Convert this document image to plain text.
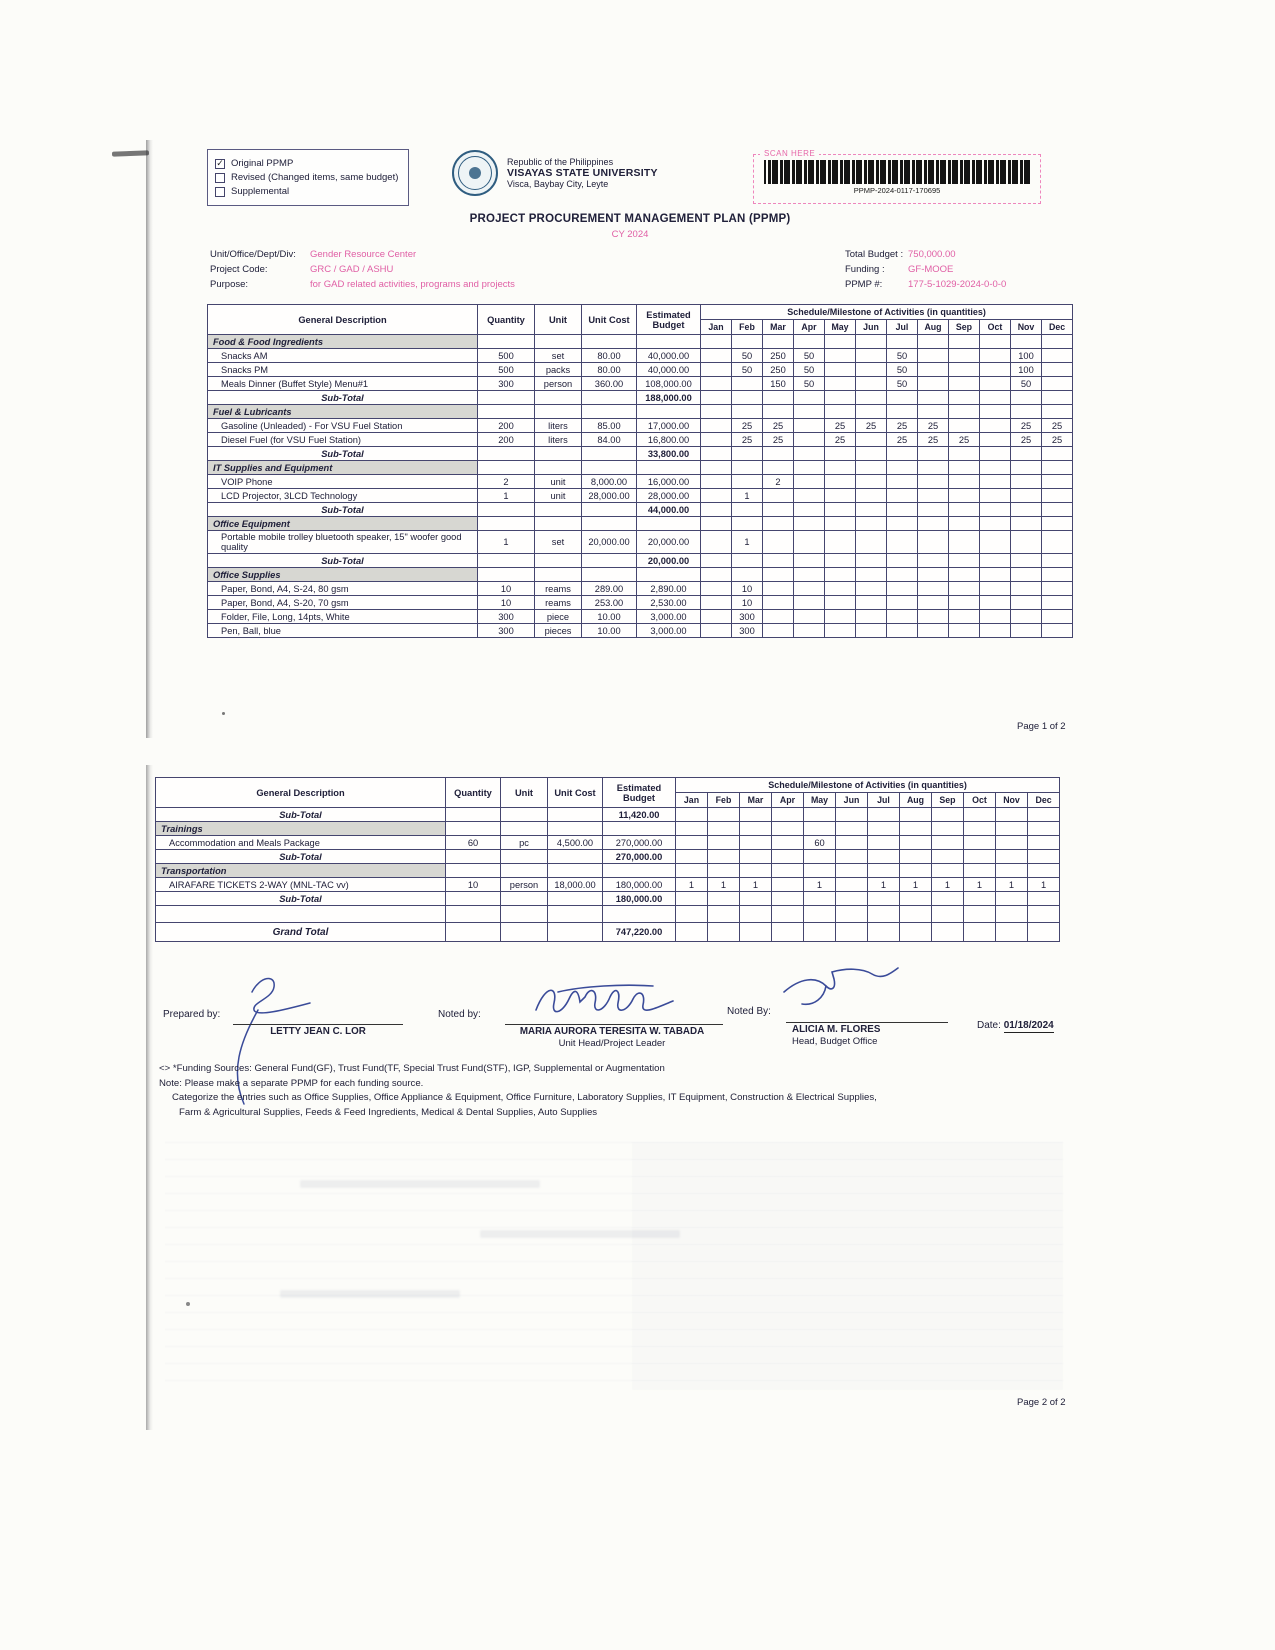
✓ Original PPMP
Revised (Changed items, same budget)
Supplemental
Republic of the Philippines
VISAYAS STATE UNIVERSITY
Visca, Baybay City, Leyte
SCAN HERE
PPMP-2024-0117-170695
PROJECT PROCUREMENT MANAGEMENT PLAN (PPMP)
CY 2024
Unit/Office/Dept/Div: Gender Resource Center
Project Code:	GRC / GAD / ASHU
Purpose:	for GAD related activities, programs and projects
Total Budget : 750,000.00
Funding : GF-MOOE
PPMP #:	177-5-1029-2024-0-0-0
General Description	Quantity	Unit	Unit Cost	Estimated Budget	Schedule/Milestone of Activities (in quantities)											
					Jan	Feb	Mar	Apr	May	Jun	Jul	Aug	Sep	Oct	Nov	Dec
Food & Food Ingredients																
Snacks AM	500	set	80.00	40,000.00		50	250	50			50				100	
Snacks PM	500	packs	80.00	40,000.00		50	250	50			50				100	
Meals Dinner (Buffet Style) Menu#1	300	person	360.00	108,000.00			150	50			50				50	
Sub-Total				188,000.00												
Fuel & Lubricants																
Gasoline (Unleaded) - For VSU Fuel Station	200	liters	85.00	17,000.00		25	25		25	25	25	25			25	25
Diesel Fuel (for VSU Fuel Station)	200	liters	84.00	16,800.00		25	25		25		25	25	25		25	25
Sub-Total				33,800.00												
IT Supplies and Equipment																
VOIP Phone	2	unit	8,000.00	16,000.00			2									
LCD Projector, 3LCD Technology	1	unit	28,000.00	28,000.00		1										
Sub-Total				44,000.00												
Office Equipment																
Portable mobile trolley bluetooth speaker, 15" woofer good quality	1	set	20,000.00	20,000.00		1										
Sub-Total				20,000.00												
Office Supplies																
Paper, Bond, A4, S-24, 80 gsm	10	reams	289.00	2,890.00		10										
Paper, Bond, A4, S-20, 70 gsm	10	reams	253.00	2,530.00		10										
Folder, File, Long, 14pts, White	300	piece	10.00	3,000.00		300										
Pen, Ball, blue	300	pieces	10.00	3,000.00		300										
Page 1 of 2
General Description	Quantity	Unit	Unit Cost	Estimated Budget	Schedule/Milestone of Activities (in quantities)											
					Jan	Feb	Mar	Apr	May	Jun	Jul	Aug	Sep	Oct	Nov	Dec
Sub-Total				11,420.00												
Trainings																
Accommodation and Meals Package	60	pc	4,500.00	270,000.00					60							
Sub-Total				270,000.00												
Transportation																
AIRAFARE TICKETS 2-WAY (MNL-TAC vv)	10	person	18,000.00	180,000.00	1	1	1		1		1	1	1	1	1	1
Sub-Total				180,000.00												

Grand Total				747,220.00												
Prepared by:
LETTY JEAN C. LOR
Noted by:
MARIA AURORA TERESITA W. TABADA
Unit Head/Project Leader
Noted By:
ALICIA M. FLORES
Head, Budget Office
Date: 01/18/2024
<> *Funding Sources: General Fund(GF), Trust Fund(TF, Special Trust Fund(STF), IGP, Supplemental or Augmentation
Note: Please make a separate PPMP for each funding source.
Categorize the entries such as Office Supplies, Office Appliance & Equipment, Office Furniture, Laboratory Supplies, IT Equipment, Construction & Electrical Supplies,
Farm & Agricultural Supplies, Feeds & Feed Ingredients, Medical & Dental Supplies, Auto Supplies
Page 2 of 2
